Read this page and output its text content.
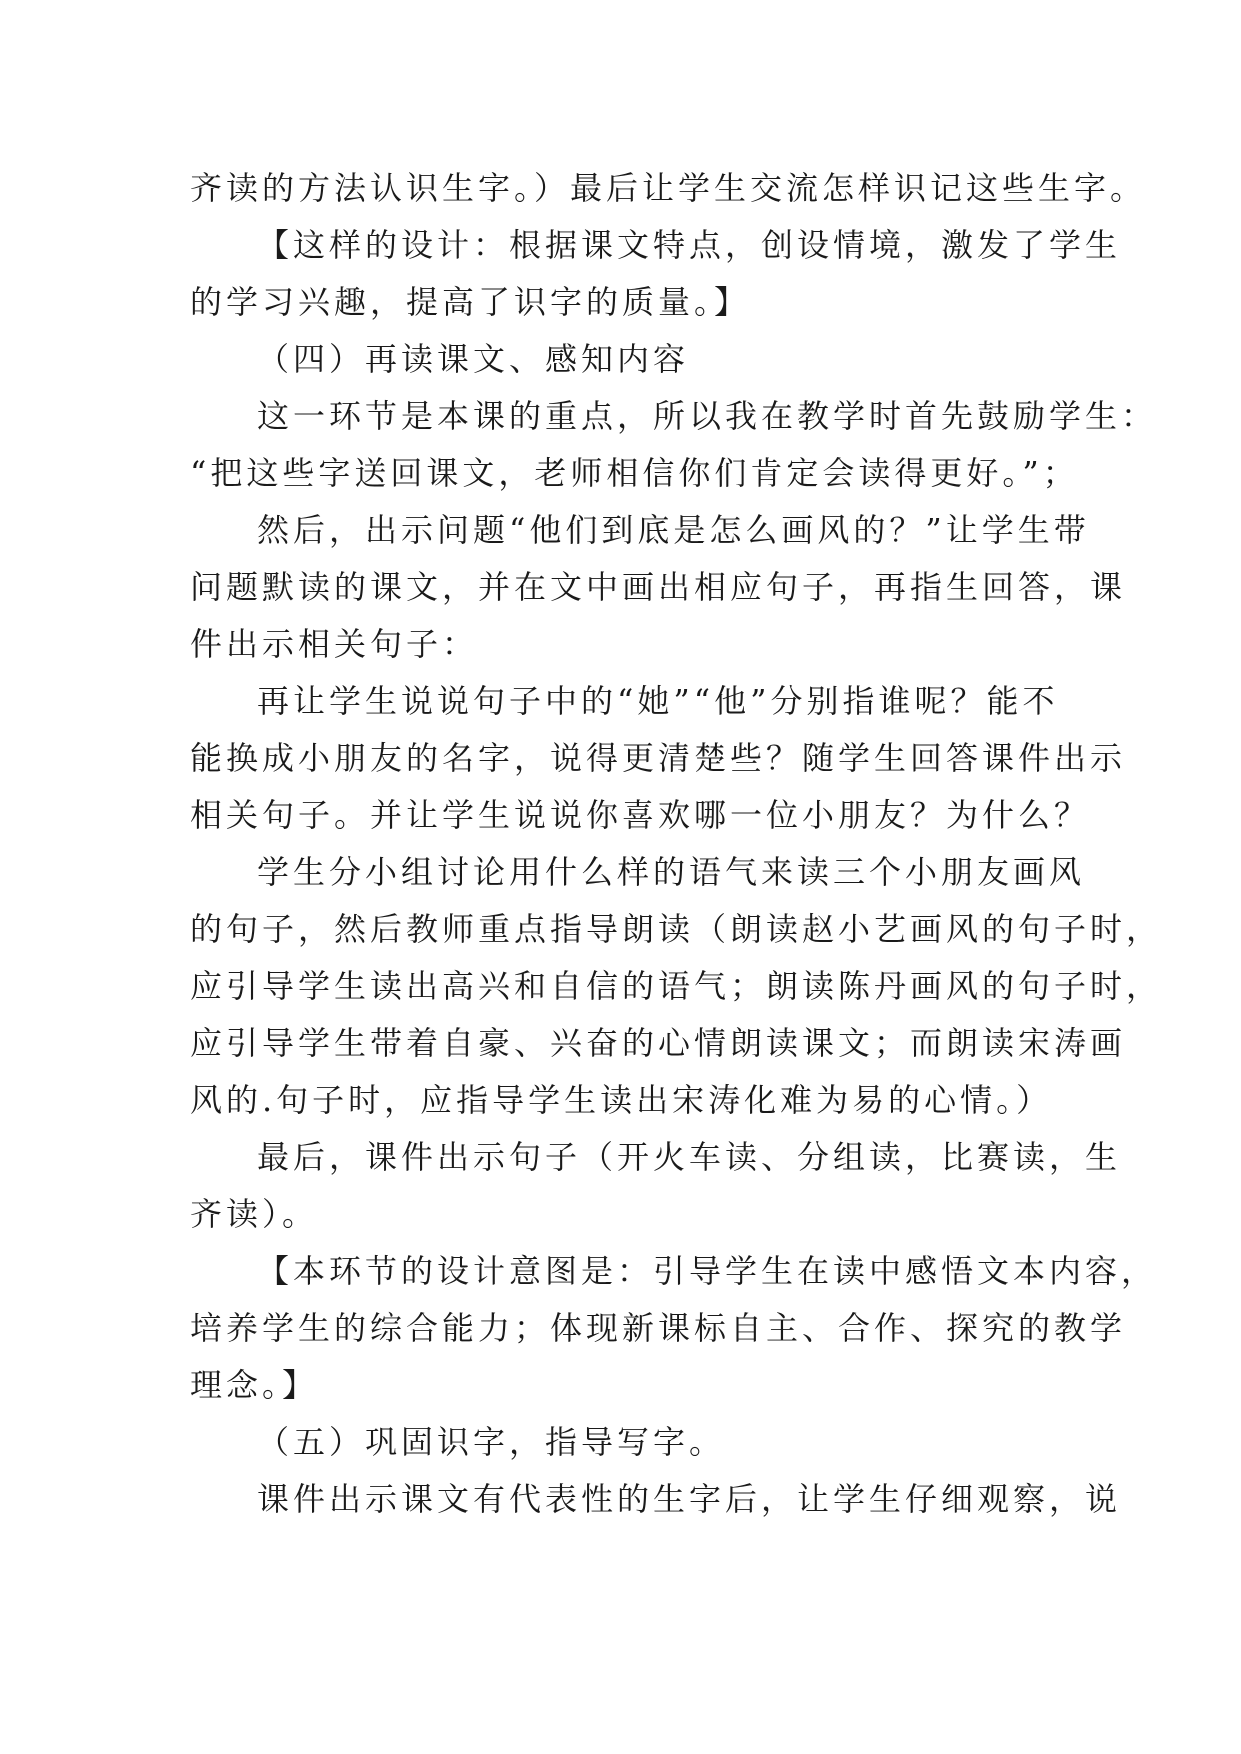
齐读的方法认识生字。）最后让学生交流怎样识记这些生字。
【这样的设计：根据课文特点，创设情境，激发了学生
的学习兴趣，提高了识字的质量。】
（四）再读课文、感知内容
这一环节是本课的重点，所以我在教学时首先鼓励学生：
“把这些字送回课文，老师相信你们肯定会读得更好。”；
然后，出示问题“他们到底是怎么画风的？”让学生带
问题默读的课文，并在文中画出相应句子，再指生回答，课
件出示相关句子：
再让学生说说句子中的“她”“他”分别指谁呢？能不
能换成小朋友的名字，说得更清楚些？随学生回答课件出示
相关句子。并让学生说说你喜欢哪一位小朋友？为什么？
学生分小组讨论用什么样的语气来读三个小朋友画风
的句子，然后教师重点指导朗读（朗读赵小艺画风的句子时，
应引导学生读出高兴和自信的语气；朗读陈丹画风的句子时，
应引导学生带着自豪、兴奋的心情朗读课文；而朗读宋涛画
风的.句子时，应指导学生读出宋涛化难为易的心情。）
最后，课件出示句子（开火车读、分组读，比赛读，生
齐读）。
【本环节的设计意图是：引导学生在读中感悟文本内容，
培养学生的综合能力；体现新课标自主、合作、探究的教学
理念。】
（五）巩固识字，指导写字。
课件出示课文有代表性的生字后，让学生仔细观察，说
